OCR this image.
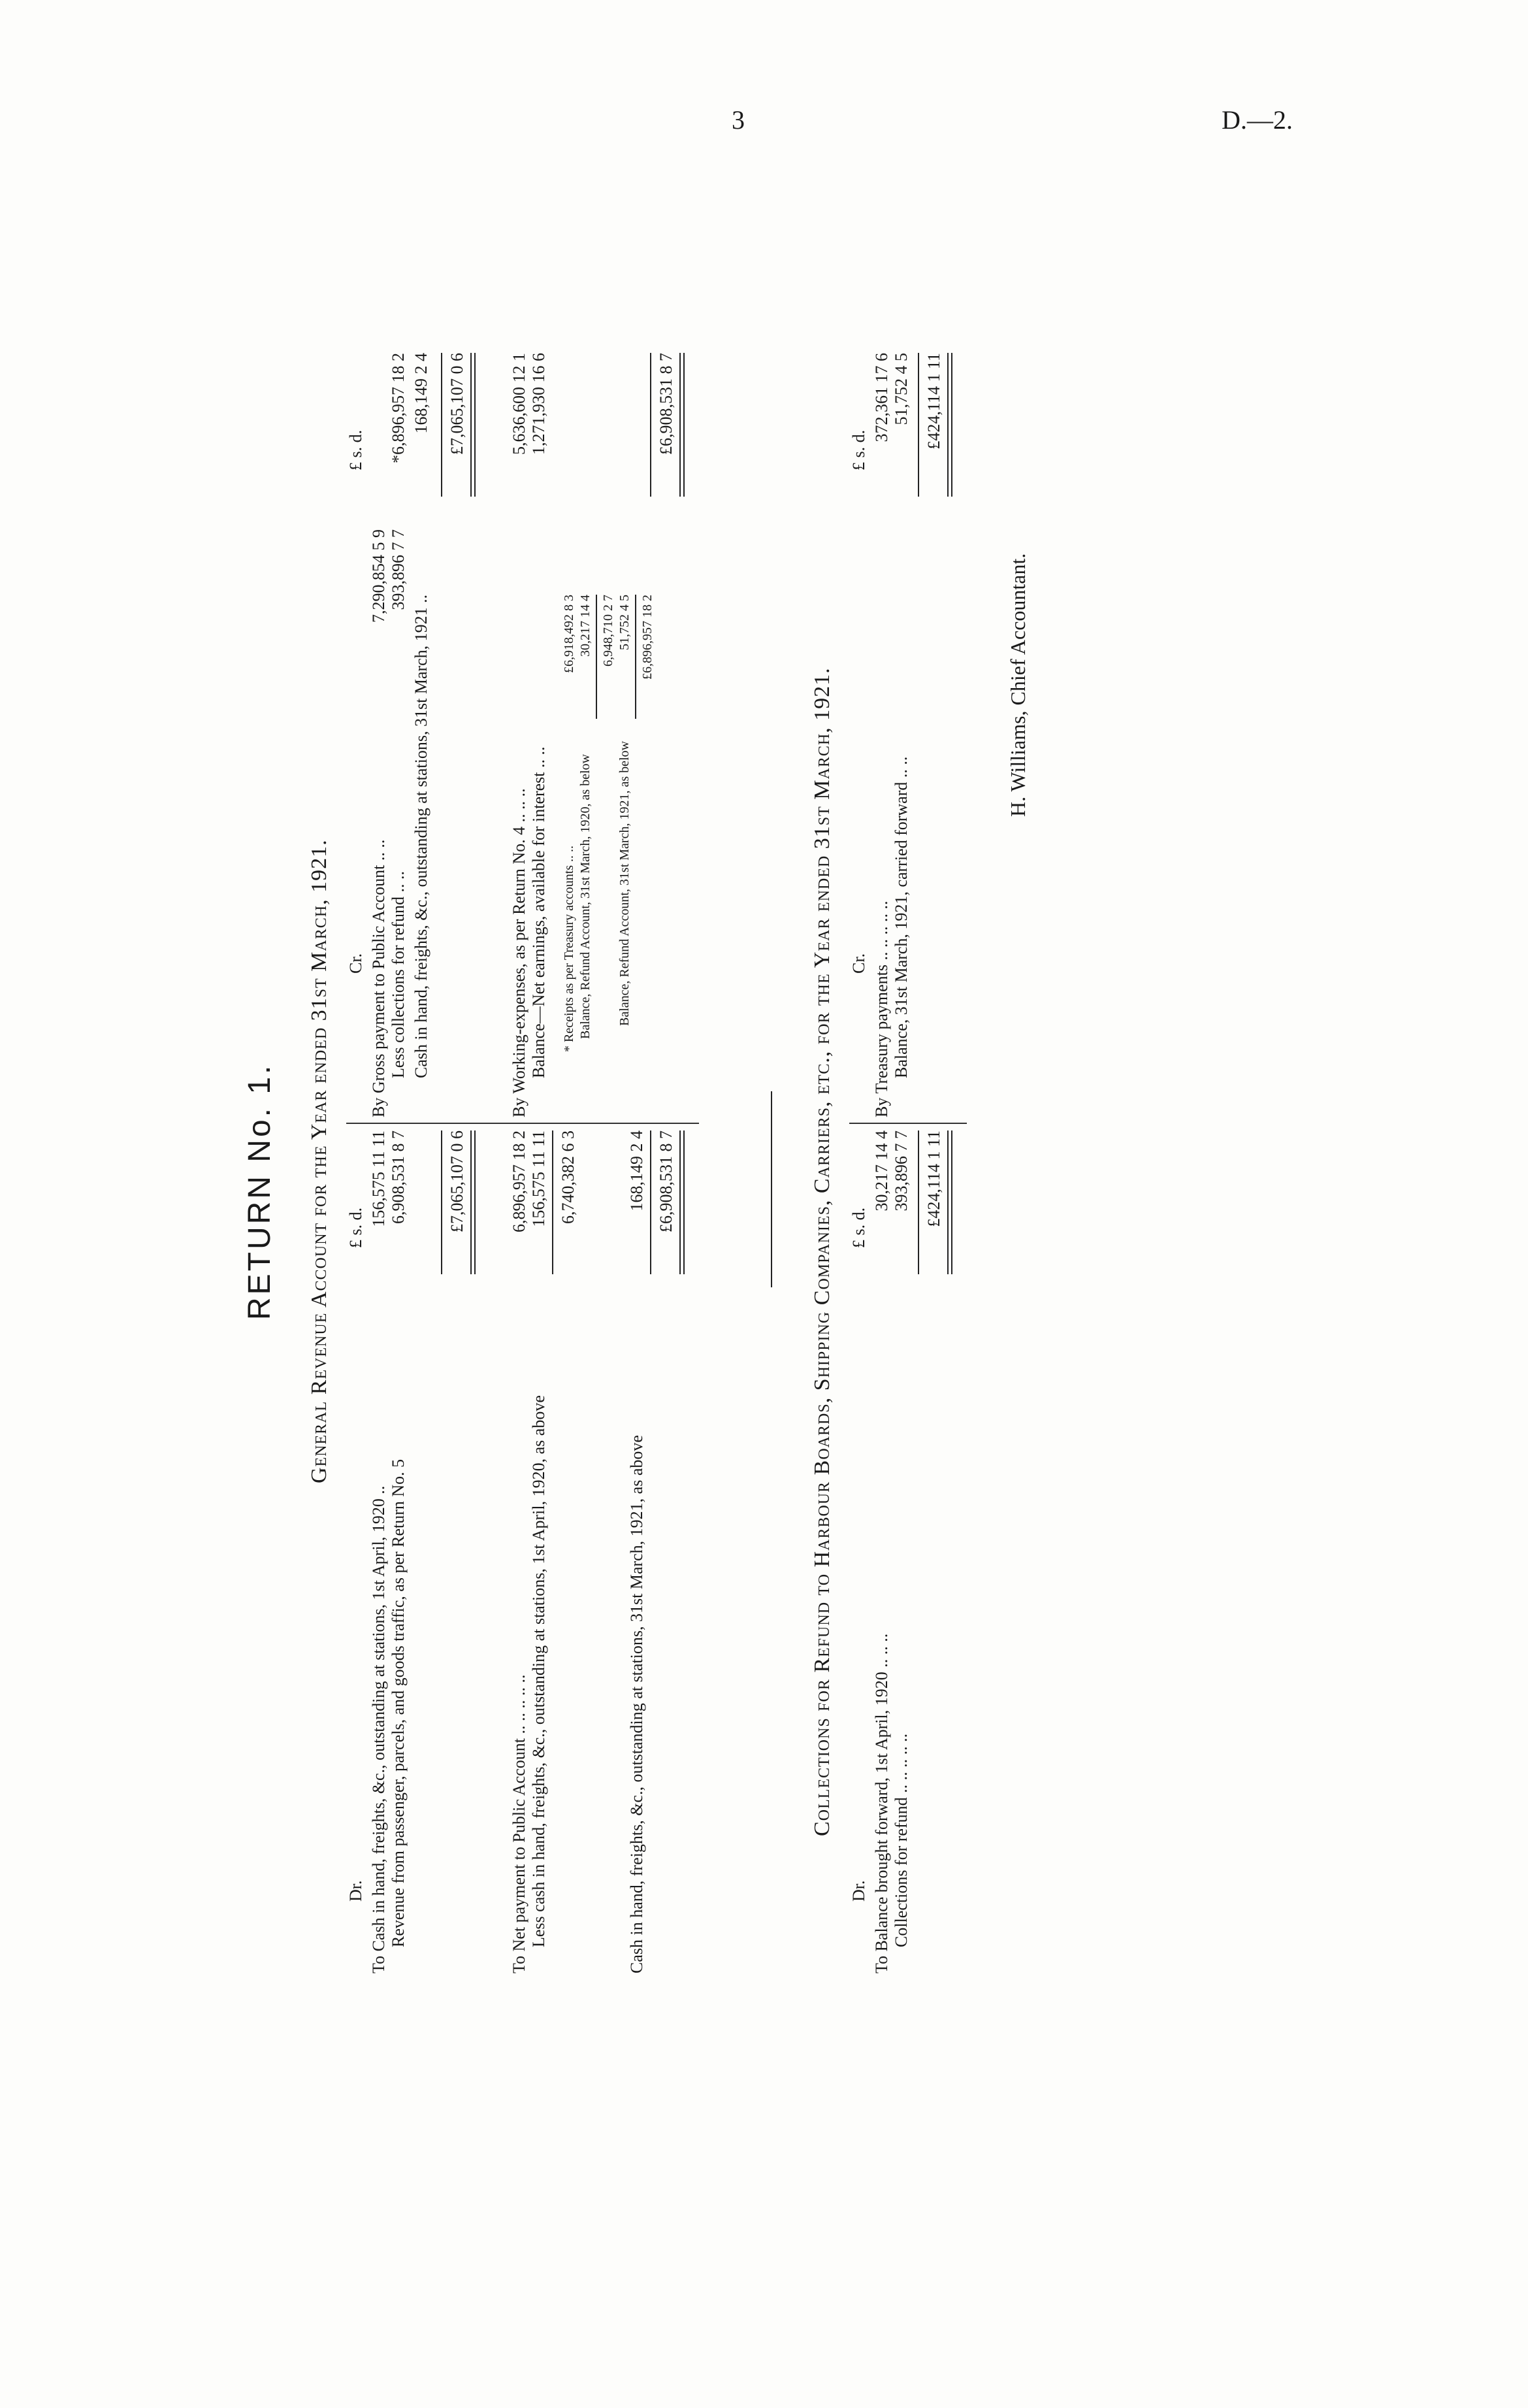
3	D.—2.
RETURN No. 1. General Revenue Account for the Year ended 31st March, 1921.
Dr.
£ s. d.
To Cash in hand, freights, &c., outstanding at stations, 1st April, 1920 ..
156,575 11 11
Revenue from passenger, parcels, and goods traffic, as per Return No. 5
6,908,531 8 7 £7,065,107 0 6
To Net payment to Public Account .. .. .. .. ..
6,896,957 18 2
Less cash in hand, freights, &c., outstanding at stations, 1st April, 1920, as above
156,575 11 11 6,740,382 6 3
Cash in hand, freights, &c., outstanding at stations, 31st March, 1921, as above
168,149 2 4 £6,908,531 8 7
Cr.
£ s. d.
By Gross payment to Public Account .. ..
7,290,854 5 9
Less collections for refund .. ..
393,896 7 7
*6,896,957 18 2
Cash in hand, freights, &c., outstanding at stations, 31st March, 1921 ..
168,149 2 4 £7,065,107 0 6
By Working-expenses, as per Return No. 4 .. .. ..
5,636,600 12 1
Balance—Net earnings, available for interest .. ..
1,271,930 16 6
* Receipts as per Treasury accounts .. ..
£6,918,492 8 3
Balance, Refund Account, 31st March, 1920, as below
30,217 14 4 6,948,710 2 7
Balance, Refund Account, 31st March, 1921, as below
51,752 4 5 £6,896,957 18 2
£6,908,531 8 7
Collections for Refund to Harbour Boards, Shipping Companies, Carriers, etc., for the Year ended 31st March, 1921.
Dr.
£ s. d.
To Balance brought forward, 1st April, 1920 .. .. ..
30,217 14 4
Collections for refund .. .. .. .. ..
393,896 7 7 £424,114 1 11
Cr.
£ s. d.
By Treasury payments .. .. .. .. ..
372,361 17 6
Balance, 31st March, 1921, carried forward .. ..
51,752 4 5 £424,114 1 11
H. Williams, Chief Accountant.
